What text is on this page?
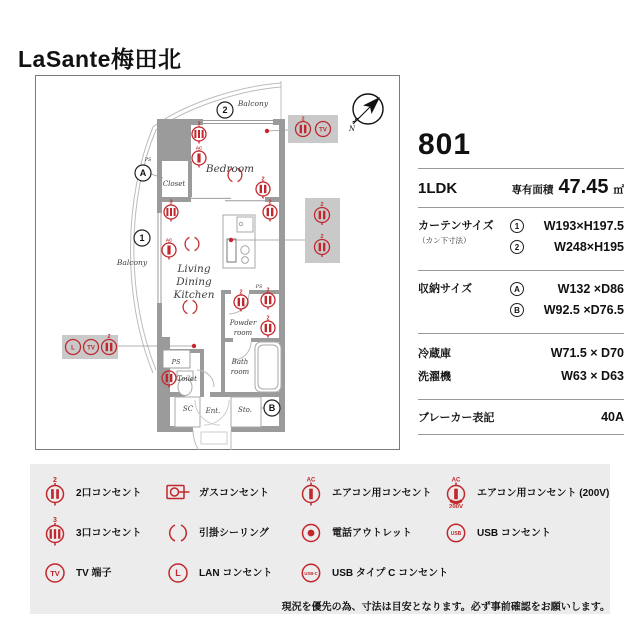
LaSante梅田北
3
AC
2
2
3
AC
2	2
2
2
TV
2
2
L TV
2
Balcony
Balcony
Bedroom
Closet
Living
Dining
Kitchen
Powder
room
Bath
room
Toilet
PS
SC Ent.	Sto.
PS
PS
2
1
A
B
N 801
1LDK	専有面積 47.45 ㎡
カーテンサイズ
（カン下寸法）
1	W193×H197.5
2	W248×H195
収納サイズ	A	W132 ×D86
B	W92.5 ×D76.5
冷蔵庫	W71.5 × D70
洗濯機	W63 × D63
ブレーカー表記	40A
2
2口コンセント	ガスコンセント
AC
エアコン用コンセント
AC
200V
エアコン用コンセント (200V)
3
3口コンセント	引掛シーリング	電話アウトレット	USB USB コンセント
TV TV 端子	L LAN コンセント	USB-C USB タイプ C コンセント
現況を優先の為、寸法は目安となります。必ず事前確認をお願いします。
